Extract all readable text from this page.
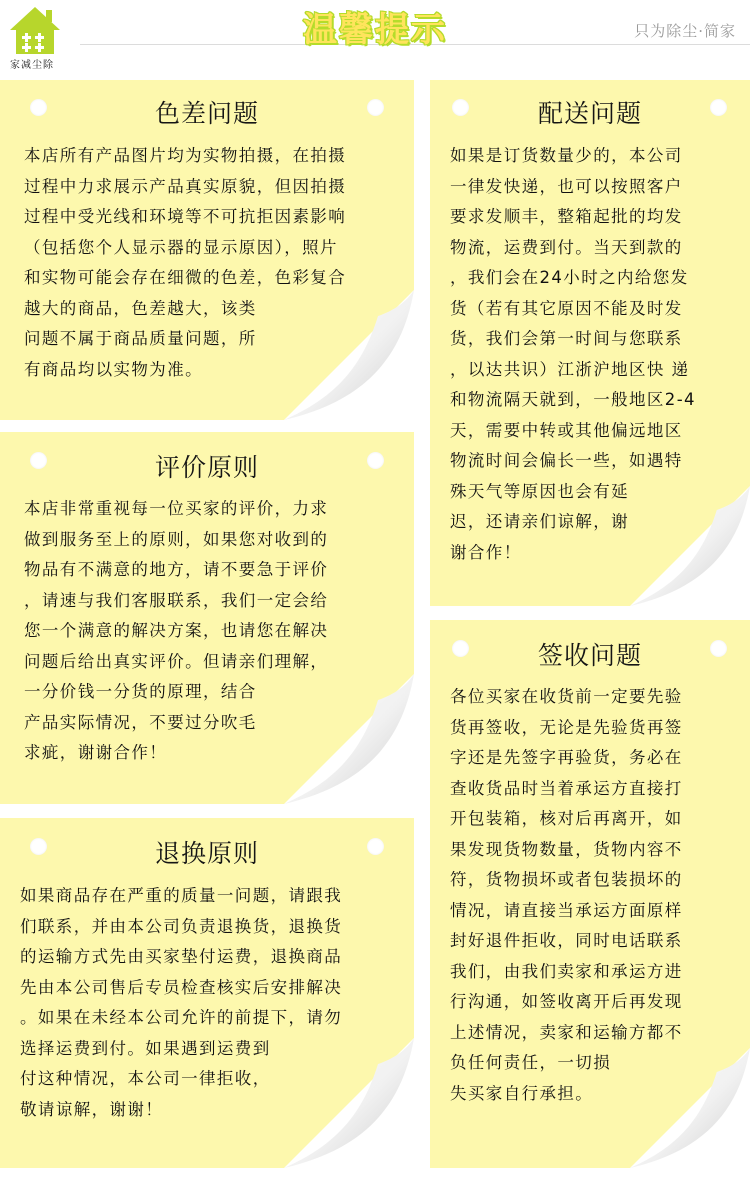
家减尘除
温馨提示	只为除尘·简家
色差问题
本店所有产品图片均为实物拍摄，在拍摄
过程中力求展示产品真实原貌，但因拍摄
过程中受光线和环境等不可抗拒因素影响
（包括您个人显示器的显示原因），照片
和实物可能会存在细微的色差，色彩复合
越大的商品，色差越大，该类
问题不属于商品质量问题，所
有商品均以实物为准。
配送问题
如果是订货数量少的，本公司
一律发快递，也可以按照客户
要求发顺丰，整箱起批的均发
物流，运费到付。当天到款的
，我们会在24小时之内给您发
货（若有其它原因不能及时发
货，我们会第一时间与您联系
，以达共识）江浙沪地区快 递
和物流隔天就到，一般地区2-4
天，需要中转或其他偏远地区
物流时间会偏长一些，如遇特
殊天气等原因也会有延
迟，还请亲们谅解，谢
谢合作！
评价原则
本店非常重视每一位买家的评价，力求
做到服务至上的原则，如果您对收到的
物品有不满意的地方，请不要急于评价
，请速与我们客服联系，我们一定会给
您一个满意的解决方案，也请您在解决
问题后给出真实评价。但请亲们理解，
一分价钱一分货的原理，结合
产品实际情况，不要过分吹毛
求疵，谢谢合作！
签收问题
各位买家在收货前一定要先验
货再签收，无论是先验货再签
字还是先签字再验货，务必在
查收货品时当着承运方直接打
开包装箱，核对后再离开，如
果发现货物数量，货物内容不
符，货物损坏或者包装损坏的
情况，请直接当承运方面原样
封好退件拒收，同时电话联系
我们，由我们卖家和承运方进
行沟通，如签收离开后再发现
上述情况，卖家和运输方都不
负任何责任，一切损
失买家自行承担。
退换原则
如果商品存在严重的质量一问题，请跟我
们联系，并由本公司负责退换货，退换货
的运输方式先由买家垫付运费，退换商品
先由本公司售后专员检查核实后安排解决
。如果在未经本公司允许的前提下，请勿
选择运费到付。如果遇到运费到
付这种情况，本公司一律拒收，
敬请谅解，谢谢！
